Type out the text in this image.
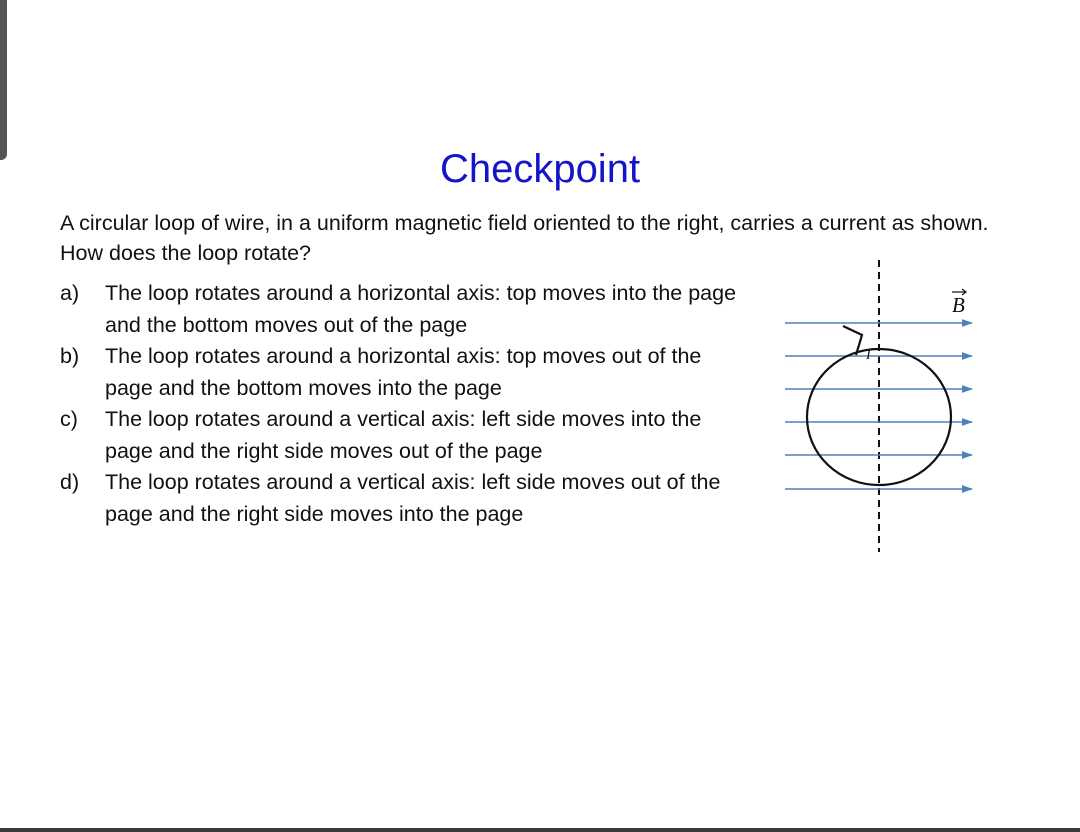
Checkpoint

A circular loop of wire, in a uniform magnetic field oriented to the right, carries a current as shown. How does the loop rotate?

a) The loop rotates around a horizontal axis: top moves into the page and the bottom moves out of the page
b) The loop rotates around a horizontal axis: top moves out of the page and the bottom moves into the page
c) The loop rotates around a vertical axis: left side moves into the page and the right side moves out of the page
d) The loop rotates around a vertical axis: left side moves out of the page and the right side moves into the page
I
B
